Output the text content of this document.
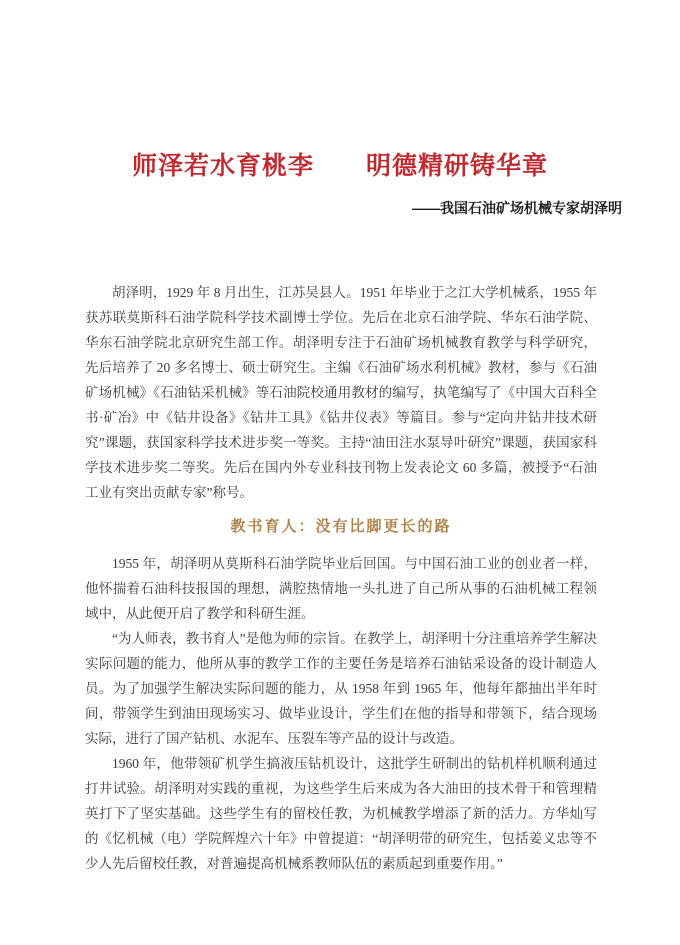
师泽若水育桃李　　明德精研铸华章
——我国石油矿场机械专家胡泽明

胡泽明，1929 年 8 月出生，江苏吴县人。1951 年毕业于之江大学机械系，1955 年获苏联莫斯科石油学院科学技术副博士学位。先后在北京石油学院、华东石油学院、华东石油学院北京研究生部工作。胡泽明专注于石油矿场机械教育教学与科学研究，先后培养了 20 多名博士、硕士研究生。主编《石油矿场水利机械》教材，参与《石油矿场机械》《石油钻采机械》等石油院校通用教材的编写，执笔编写了《中国大百科全书·矿冶》中《钻井设备》《钻井工具》《钻井仪表》等篇目。参与“定向井钻井技术研究”课题，获国家科学技术进步奖一等奖。主持“油田注水泵导叶研究”课题，获国家科学技术进步奖二等奖。先后在国内外专业科技刊物上发表论文 60 多篇，被授予“石油工业有突出贡献专家”称号。

教书育人：没有比脚更长的路

1955 年，胡泽明从莫斯科石油学院毕业后回国。与中国石油工业的创业者一样，他怀揣着石油科技报国的理想，满腔热情地一头扎进了自己所从事的石油机械工程领域中，从此便开启了教学和科研生涯。

“为人师表，教书育人”是他为师的宗旨。在教学上，胡泽明十分注重培养学生解决实际问题的能力，他所从事的教学工作的主要任务是培养石油钻采设备的设计制造人员。为了加强学生解决实际问题的能力，从 1958 年到 1965 年，他每年都抽出半年时间，带领学生到油田现场实习、做毕业设计，学生们在他的指导和带领下，结合现场实际，进行了国产钻机、水泥车、压裂车等产品的设计与改造。

1960 年，他带领矿机学生搞液压钻机设计，这批学生研制出的钻机样机顺利通过打井试验。胡泽明对实践的重视，为这些学生后来成为各大油田的技术骨干和管理精英打下了坚实基础。这些学生有的留校任教，为机械教学增添了新的活力。方华灿写的《忆机械（电）学院辉煌六十年》中曾提道：“胡泽明带的研究生，包括姜义忠等不少人先后留校任教，对普遍提高机械系教师队伍的素质起到重要作用。”
